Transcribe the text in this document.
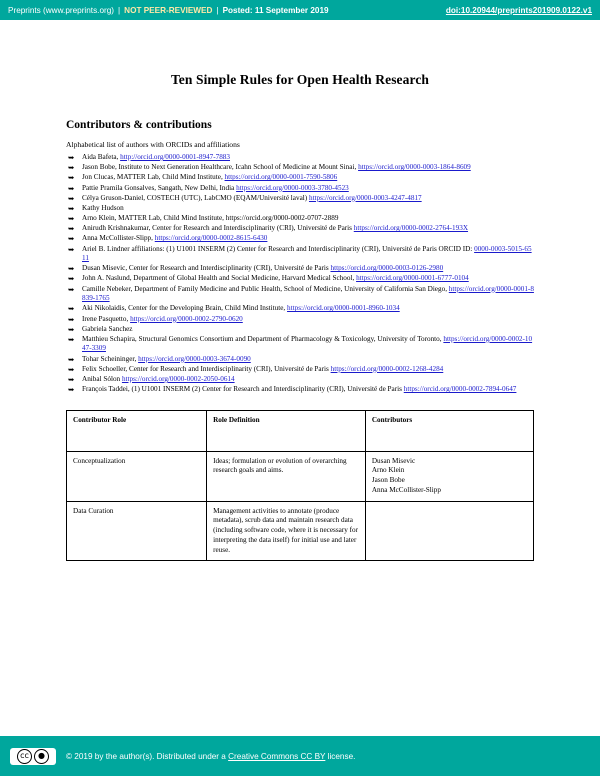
Preprints (www.preprints.org) | NOT PEER-REVIEWED | Posted: 11 September 2019	doi:10.20944/preprints201909.0122.v1
Ten Simple Rules for Open Health Research
Contributors & contributions
Alphabetical list of authors with ORCIDs and affiliations
➥ Aida Bafeta, http://orcid.org/0000-0001-8947-7883
➥ Jason Bobe, Institute to Next Generation Healthcare, Icahn School of Medicine at Mount Sinai, https://orcid.org/0000-0003-1864-8609
➥ Jon Clucas, MATTER Lab, Child Mind Institute, https://orcid.org/0000-0001-7590-5806
➥ Pattie Pramila Gonsalves, Sangath, New Delhi, India https://orcid.org/0000-0003-3780-4523
➥ Célya Gruson-Daniel, COSTECH (UTC), LabCMO (EQAM/Université laval) https://orcid.org/0000-0003-4247-4817
➥ Kathy Hudson
➥ Arno Klein, MATTER Lab, Child Mind Institute, https://orcid.org/0000-0002-0707-2889
➥ Anirudh Krishnakumar, Center for Research and Interdisciplinarity (CRI), Université de Paris https://orcid.org/0000-0002-2764-193X
➥ Anna McCollister-Slipp, https://orcid.org/0000-0002-8615-6430
➥ Ariel B. Lindner affiliations: (1) U1001 INSERM (2) Center for Research and Interdisciplinarity (CRI), Université de Paris ORCID ID: 0000-0003-5015-6511
➥ Dusan Misevic, Center for Research and Interdisciplinarity (CRI), Université de Paris https://orcid.org/0000-0003-0126-2980
➥ John A. Naslund, Department of Global Health and Social Medicine, Harvard Medical School, https://orcid.org/0000-0001-6777-0104
➥ Camille Nebeker, Department of Family Medicine and Public Health, School of Medicine, University of California San Diego, https://orcid.org/0000-0001-8839-1765
➥ Aki Nikolaidis, Center for the Developing Brain, Child Mind Institute, https://orcid.org/0000-0001-8960-1034
➥ Irene Pasquetto, https://orcid.org/0000-0002-2790-0620
➥ Gabriela Sanchez
➥ Matthieu Schapira, Structural Genomics Consortium and Department of Pharmacology & Toxicology, University of Toronto, https://orcid.org/0000-0002-1047-3309
➥ Tohar Scheininger, https://orcid.org/0000-0003-3674-0090
➥ Felix Schoeller, Center for Research and Interdisciplinarity (CRI), Université de Paris https://orcid.org/0000-0002-1268-4284
➥ Anibal Sólon https://orcid.org/0000-0002-2050-0614
➥ François Taddei, (1) U1001 INSERM (2) Center for Research and Interdisciplinarity (CRI), Université de Paris https://orcid.org/0000-0002-7894-0647
Contributor Role	Role Definition	Contributors
Conceptualization	Ideas; formulation or evolution of overarching research goals and aims.	Dusan Misevic
Arno Klein
Jason Bobe
Anna McCollister-Slipp

Data Curation	Management activities to annotate (produce metadata), scrub data and maintain research data (including software code, where it is necessary for interpreting the data itself) for initial use and later reuse.	
cc	●	© 2019 by the author(s). Distributed under a Creative Commons CC BY license.
